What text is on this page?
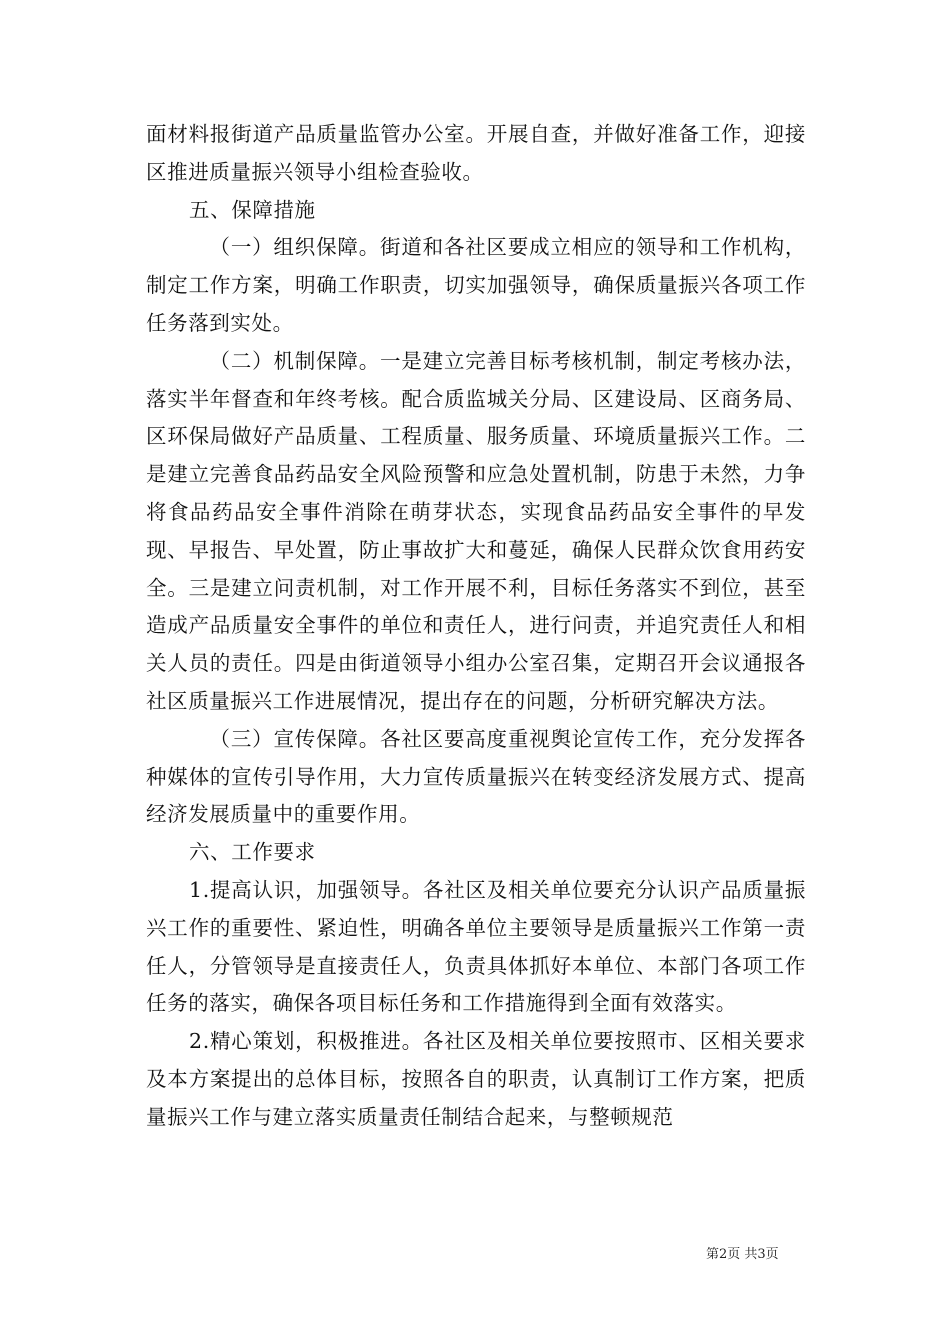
面材料报街道产品质量监管办公室。开展自查，并做好准备工作，迎接区推进质量振兴领导小组检查验收。

五、保障措施

（一）组织保障。街道和各社区要成立相应的领导和工作机构，制定工作方案，明确工作职责，切实加强领导，确保质量振兴各项工作任务落到实处。

（二）机制保障。一是建立完善目标考核机制，制定考核办法，落实半年督查和年终考核。配合质监城关分局、区建设局、区商务局、区环保局做好产品质量、工程质量、服务质量、环境质量振兴工作。二是建立完善食品药品安全风险预警和应急处置机制，防患于未然，力争将食品药品安全事件消除在萌芽状态，实现食品药品安全事件的早发现、早报告、早处置，防止事故扩大和蔓延，确保人民群众饮食用药安全。三是建立问责机制，对工作开展不利，目标任务落实不到位，甚至造成产品质量安全事件的单位和责任人，进行问责，并追究责任人和相关人员的责任。四是由街道领导小组办公室召集，定期召开会议通报各社区质量振兴工作进展情况，提出存在的问题，分析研究解决方法。

（三）宣传保障。各社区要高度重视舆论宣传工作，充分发挥各种媒体的宣传引导作用，大力宣传质量振兴在转变经济发展方式、提高经济发展质量中的重要作用。

六、工作要求

1.提高认识，加强领导。各社区及相关单位要充分认识产品质量振兴工作的重要性、紧迫性，明确各单位主要领导是质量振兴工作第一责任人，分管领导是直接责任人，负责具体抓好本单位、本部门各项工作任务的落实，确保各项目标任务和工作措施得到全面有效落实。

2.精心策划，积极推进。各社区及相关单位要按照市、区相关要求及本方案提出的总体目标，按照各自的职责，认真制订工作方案，把质量振兴工作与建立落实质量责任制结合起来，与整顿规范

第2页 共3页
